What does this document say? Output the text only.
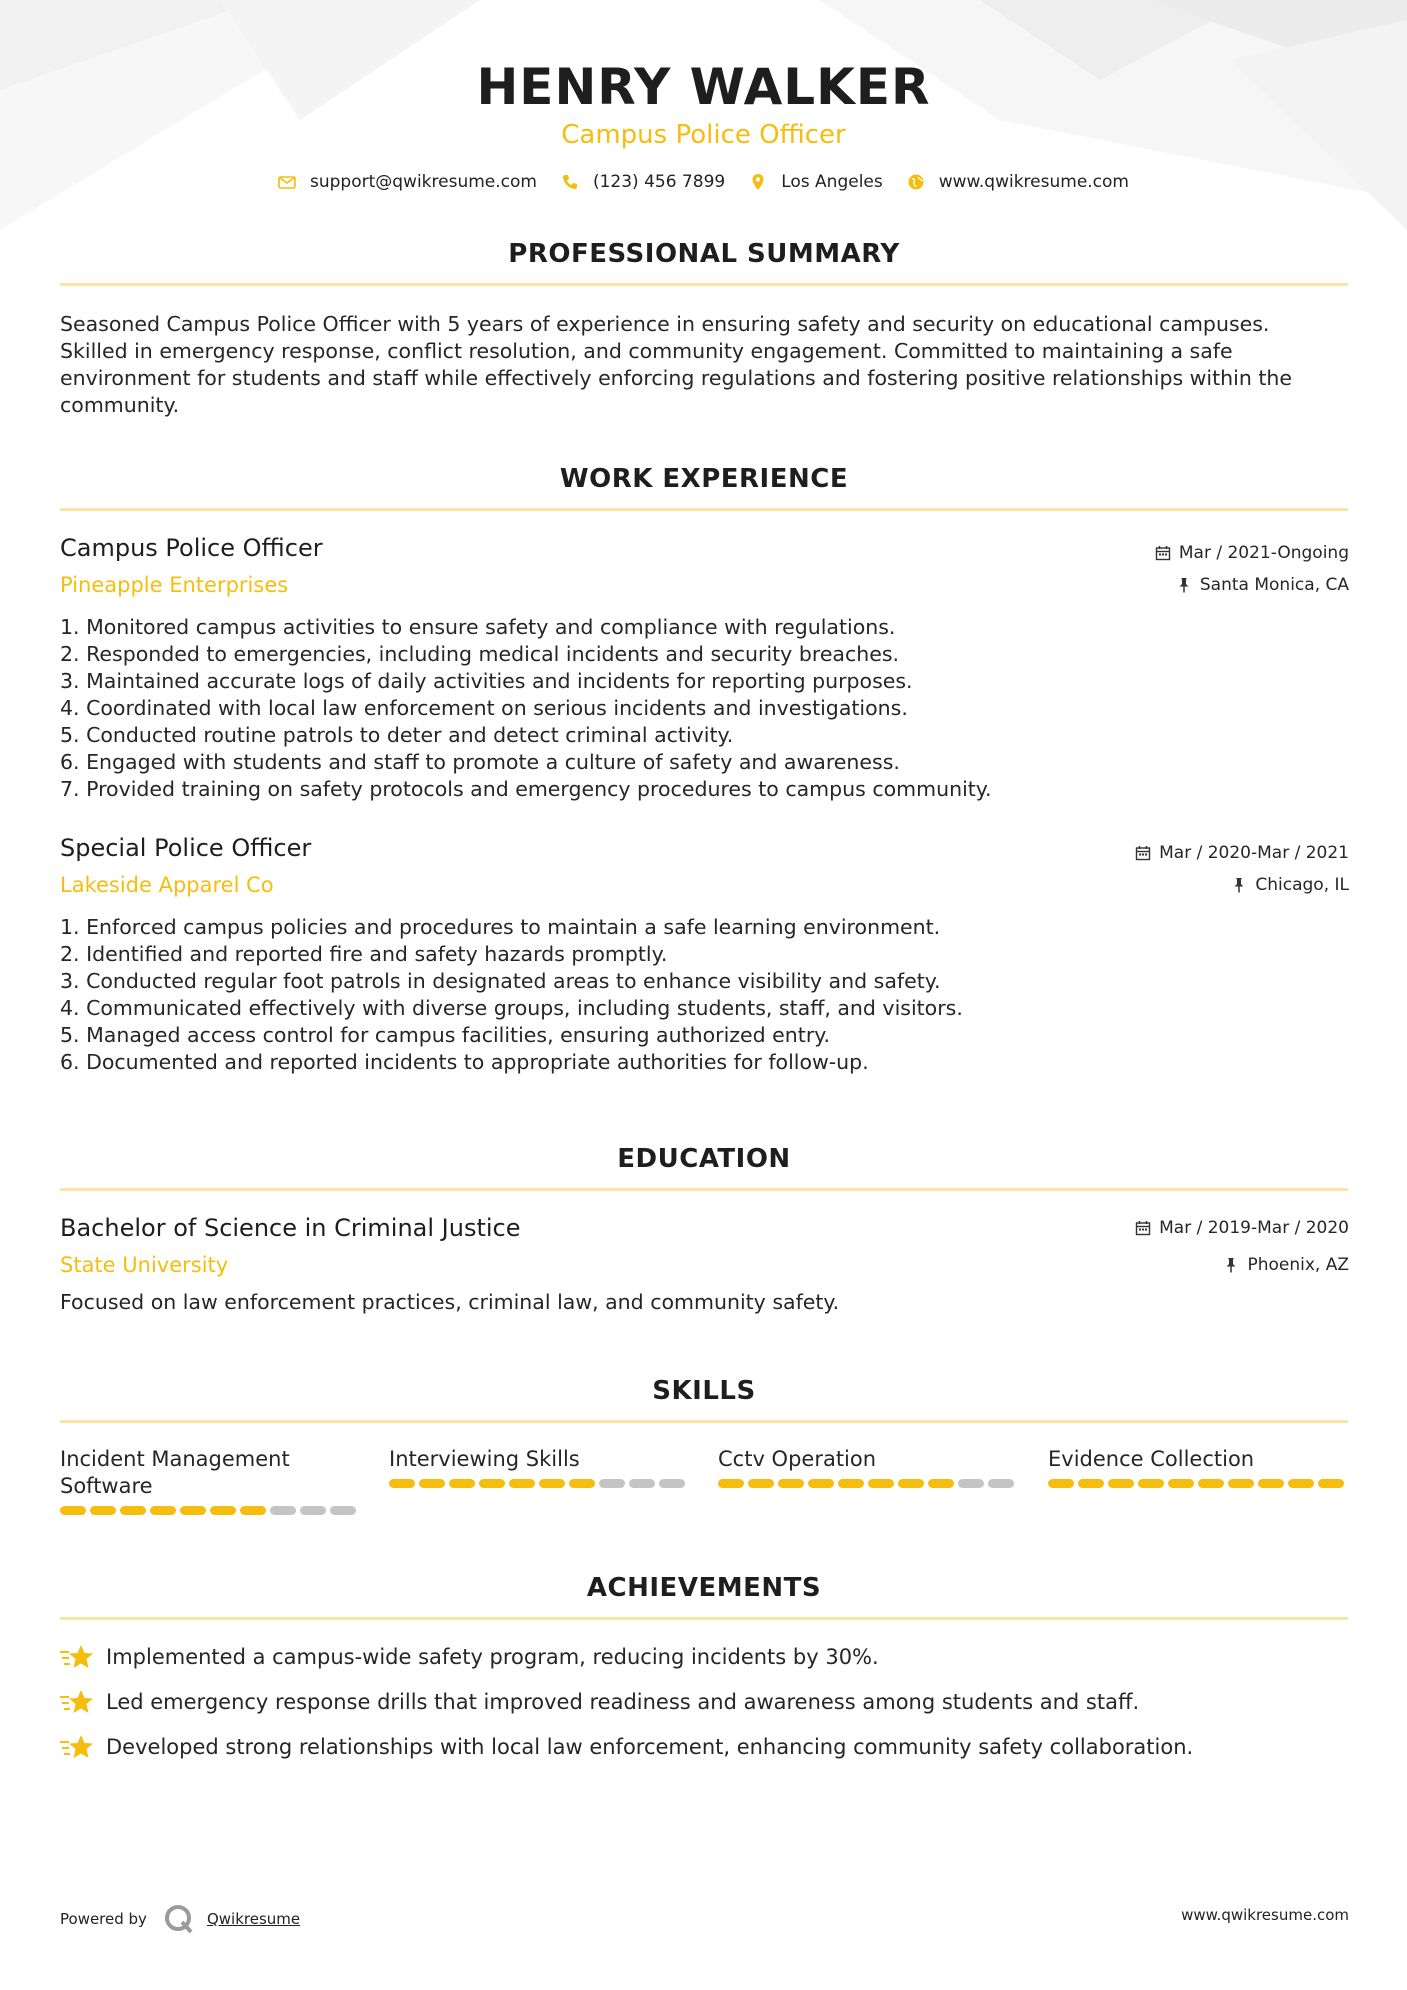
HENRY WALKER
Campus Police Officer
support@qwikresume.com	(123) 456 7899	Los Angeles	www.qwikresume.com
PROFESSIONAL SUMMARY
Seasoned Campus Police Officer with 5 years of experience in ensuring safety and security on educational campuses.
Skilled in emergency response, conflict resolution, and community engagement. Committed to maintaining a safe
environment for students and staff while effectively enforcing regulations and fostering positive relationships within the
community.
WORK EXPERIENCE
Campus Police Officer
Pineapple Enterprises
Mar / 2021-Ongoing
Santa Monica, CA
1. Monitored campus activities to ensure safety and compliance with regulations.
2. Responded to emergencies, including medical incidents and security breaches.
3. Maintained accurate logs of daily activities and incidents for reporting purposes.
4. Coordinated with local law enforcement on serious incidents and investigations.
5. Conducted routine patrols to deter and detect criminal activity.
6. Engaged with students and staff to promote a culture of safety and awareness.
7. Provided training on safety protocols and emergency procedures to campus community.
Special Police Officer
Lakeside Apparel Co
Mar / 2020-Mar / 2021
Chicago, IL
1. Enforced campus policies and procedures to maintain a safe learning environment.
2. Identified and reported fire and safety hazards promptly.
3. Conducted regular foot patrols in designated areas to enhance visibility and safety.
4. Communicated effectively with diverse groups, including students, staff, and visitors.
5. Managed access control for campus facilities, ensuring authorized entry.
6. Documented and reported incidents to appropriate authorities for follow-up.
EDUCATION
Bachelor of Science in Criminal Justice
State University
Mar / 2019-Mar / 2020
Phoenix, AZ
Focused on law enforcement practices, criminal law, and community safety.
SKILLS
Incident Management
Software
Interviewing Skills	Cctv Operation	Evidence Collection
ACHIEVEMENTS
Implemented a campus-wide safety program, reducing incidents by 30%.
Led emergency response drills that improved readiness and awareness among students and staff.
Developed strong relationships with local law enforcement, enhancing community safety collaboration.
Powered by	Qwikresume	www.qwikresume.com
